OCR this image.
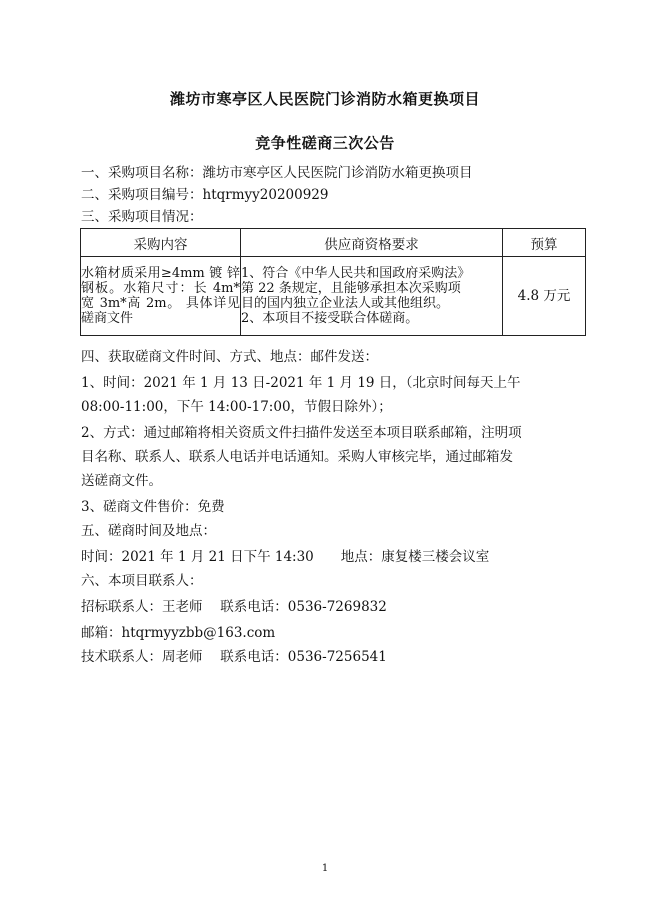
潍坊市寒亭区人民医院门诊消防水箱更换项目
竞争性磋商三次公告
一、采购项目名称：潍坊市寒亭区人民医院门诊消防水箱更换项目
二、采购项目编号：htqrmyy20200929
三、采购项目情况：
采购内容	供应商资格要求	预算
水箱材质采用≥4mm 镀 锌钢板。水箱尺寸：长 4m*宽 3m*高 2m。 具体详见磋商文件	1、符合《中华人民共和国政府采购法》
第 22 条规定，且能够承担本次采购项
目的国内独立企业法人或其他组织。
2、本项目不接受联合体磋商。	4.8 万元
四、获取磋商文件时间、方式、地点：邮件发送：
1、时间：2021 年 1 月 13 日-2021 年 1 月 19 日，（北京时间每天上午
08:00-11:00，下午 14:00-17:00，节假日除外）；
2、方式：通过邮箱将相关资质文件扫描件发送至本项目联系邮箱，注明项
目名称、联系人、联系人电话并电话通知。采购人审核完毕，通过邮箱发
送磋商文件。
3、磋商文件售价：免费
五、磋商时间及地点：
时间：2021 年 1 月 21 日下午 14:30　　地点：康复楼三楼会议室
六、本项目联系人：
招标联系人：王老师　 联系电话：0536-7269832
邮箱：htqrmyyzbb@163.com
技术联系人：周老师　 联系电话：0536-7256541
1
